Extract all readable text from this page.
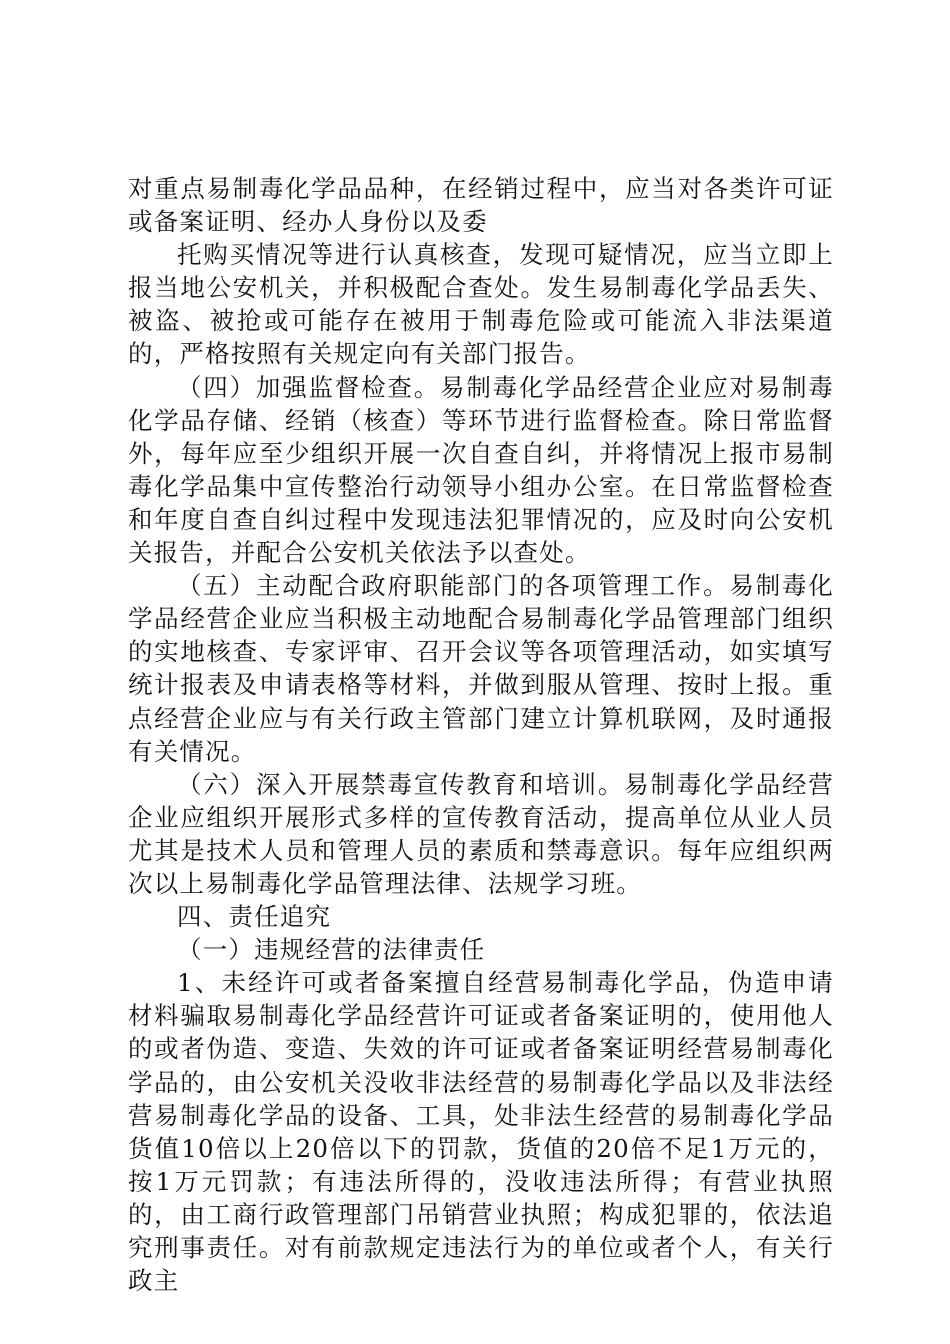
对重点易制毒化学品品种，在经销过程中，应当对各类许可证或备案证明、经办人身份以及委

托购买情况等进行认真核查，发现可疑情况，应当立即上报当地公安机关，并积极配合查处。发生易制毒化学品丢失、被盗、被抢或可能存在被用于制毒危险或可能流入非法渠道的，严格按照有关规定向有关部门报告。

（四）加强监督检查。易制毒化学品经营企业应对易制毒化学品存储、经销（核查）等环节进行监督检查。除日常监督外，每年应至少组织开展一次自查自纠，并将情况上报市易制毒化学品集中宣传整治行动领导小组办公室。在日常监督检查和年度自查自纠过程中发现违法犯罪情况的，应及时向公安机关报告，并配合公安机关依法予以查处。

（五）主动配合政府职能部门的各项管理工作。易制毒化学品经营企业应当积极主动地配合易制毒化学品管理部门组织的实地核查、专家评审、召开会议等各项管理活动，如实填写统计报表及申请表格等材料，并做到服从管理、按时上报。重点经营企业应与有关行政主管部门建立计算机联网，及时通报有关情况。

（六）深入开展禁毒宣传教育和培训。易制毒化学品经营企业应组织开展形式多样的宣传教育活动，提高单位从业人员尤其是技术人员和管理人员的素质和禁毒意识。每年应组织两次以上易制毒化学品管理法律、法规学习班。

四、责任追究

（一）违规经营的法律责任

1、未经许可或者备案擅自经营易制毒化学品，伪造申请材料骗取易制毒化学品经营许可证或者备案证明的，使用他人的或者伪造、变造、失效的许可证或者备案证明经营易制毒化学品的，由公安机关没收非法经营的易制毒化学品以及非法经营易制毒化学品的设备、工具，处非法生经营的易制毒化学品货值10倍以上20倍以下的罚款，货值的20倍不足1万元的，按1万元罚款；有违法所得的，没收违法所得；有营业执照的，由工商行政管理部门吊销营业执照；构成犯罪的，依法追究刑事责任。对有前款规定违法行为的单位或者个人，有关行政主
